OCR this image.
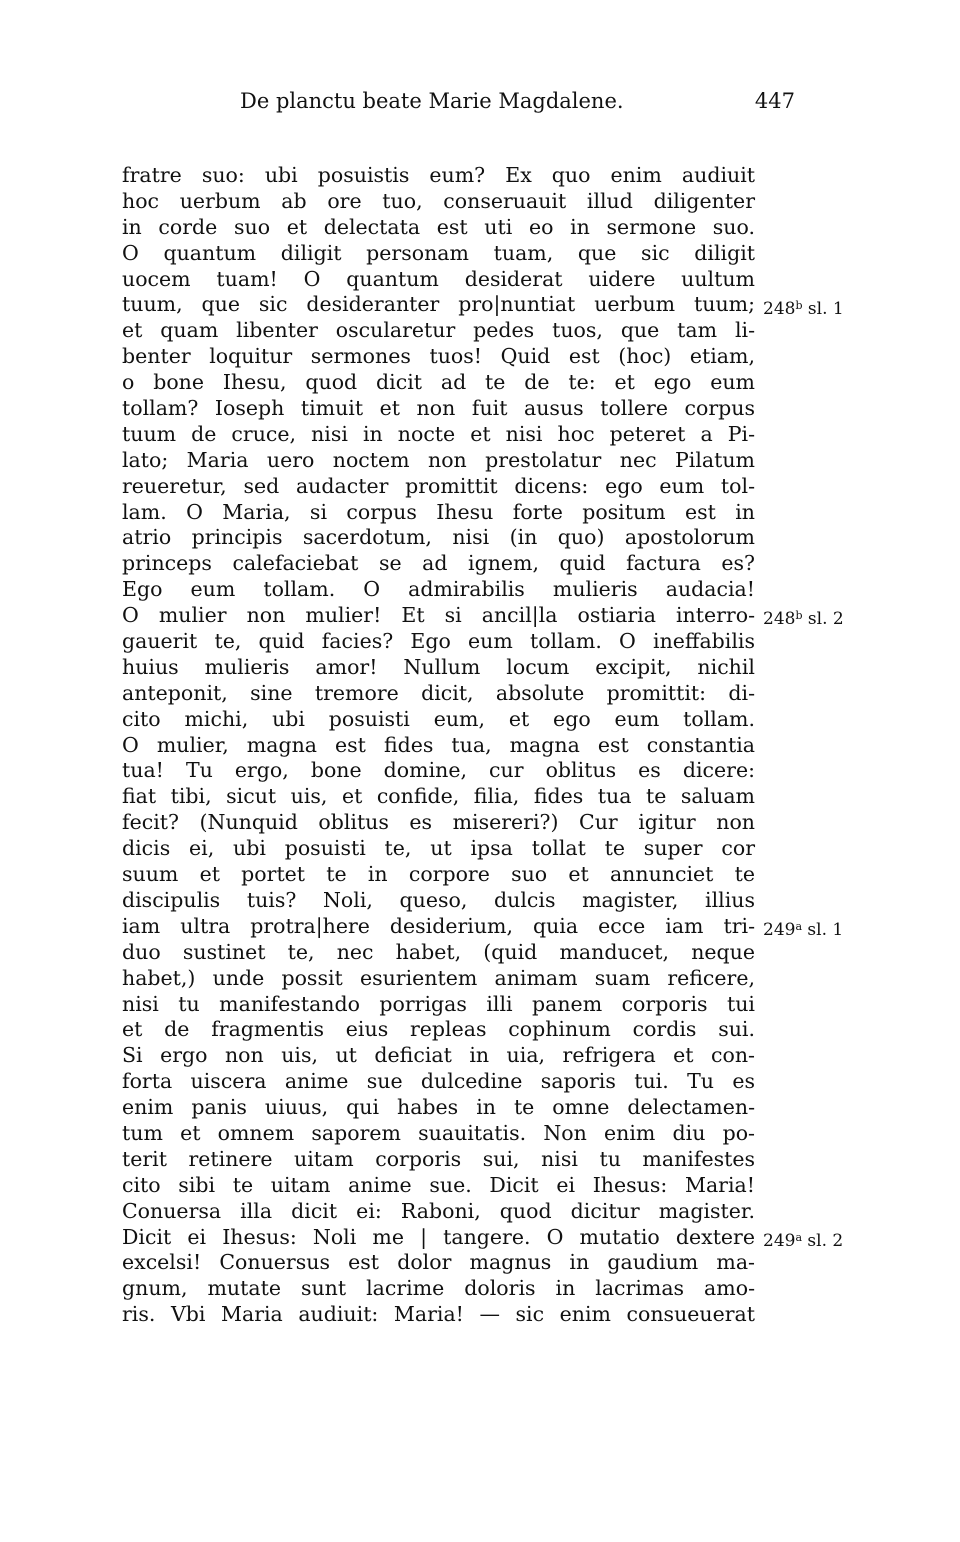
De planctu beate Marie Magdalene.	447
fratre suo: ubi posuistis eum? Ex quo enim audiuit
hoc uerbum ab ore tuo, conseruauit illud diligenter
in corde suo et delectata est uti eo in sermone suo.
O quantum diligit personam tuam, que sic diligit
uocem tuam! O quantum desiderat uidere uultum
tuum, que sic desideranter pro|nuntiat uerbum tuum;
et quam libenter oscularetur pedes tuos, que tam li-
benter loquitur sermones tuos! Quid est (hoc) etiam,
o bone Ihesu, quod dicit ad te de te: et ego eum
tollam? Ioseph timuit et non fuit ausus tollere corpus
tuum de cruce, nisi in nocte et nisi hoc peteret a Pi-
lato; Maria uero noctem non prestolatur nec Pilatum
reueretur, sed audacter promittit dicens: ego eum tol-
lam. O Maria, si corpus Ihesu forte positum est in
atrio principis sacerdotum, nisi (in quo) apostolorum
princeps calefaciebat se ad ignem, quid factura es?
Ego eum tollam. O admirabilis mulieris audacia!
O mulier non mulier! Et si ancil|la ostiaria interro-
gauerit te, quid facies? Ego eum tollam. O ineffabilis
huius mulieris amor! Nullum locum excipit, nichil
anteponit, sine tremore dicit, absolute promittit: di-
cito michi, ubi posuisti eum, et ego eum tollam.
O mulier, magna est fides tua, magna est constantia
tua! Tu ergo, bone domine, cur oblitus es dicere:
fiat tibi, sicut uis, et confide, filia, fides tua te saluam
fecit? (Nunquid oblitus es misereri?) Cur igitur non
dicis ei, ubi posuisti te, ut ipsa tollat te super cor
suum et portet te in corpore suo et annunciet te
discipulis tuis? Noli, queso, dulcis magister, illius
iam ultra protra|here desiderium, quia ecce iam tri-
duo sustinet te, nec habet, (quid manducet, neque
habet,) unde possit esurientem animam suam reficere,
nisi tu manifestando porrigas illi panem corporis tui
et de fragmentis eius repleas cophinum cordis sui.
Si ergo non uis, ut deficiat in uia, refrigera et con-
forta uiscera anime sue dulcedine saporis tui. Tu es
enim panis uiuus, qui habes in te omne delectamen-
tum et omnem saporem suauitatis. Non enim diu po-
terit retinere uitam corporis sui, nisi tu manifestes
cito sibi te uitam anime sue. Dicit ei Ihesus: Maria!
Conuersa illa dicit ei: Raboni, quod dicitur magister.
Dicit ei Ihesus: Noli me | tangere. O mutatio dextere
excelsi! Conuersus est dolor magnus in gaudium ma-
gnum, mutate sunt lacrime doloris in lacrimas amo-
ris. Vbi Maria audiuit: Maria! — sic enim consueuerat
248$^b$ sl. 1
248$^b$ sl. 2
249$^a$ sl. 1
249$^a$ sl. 2
